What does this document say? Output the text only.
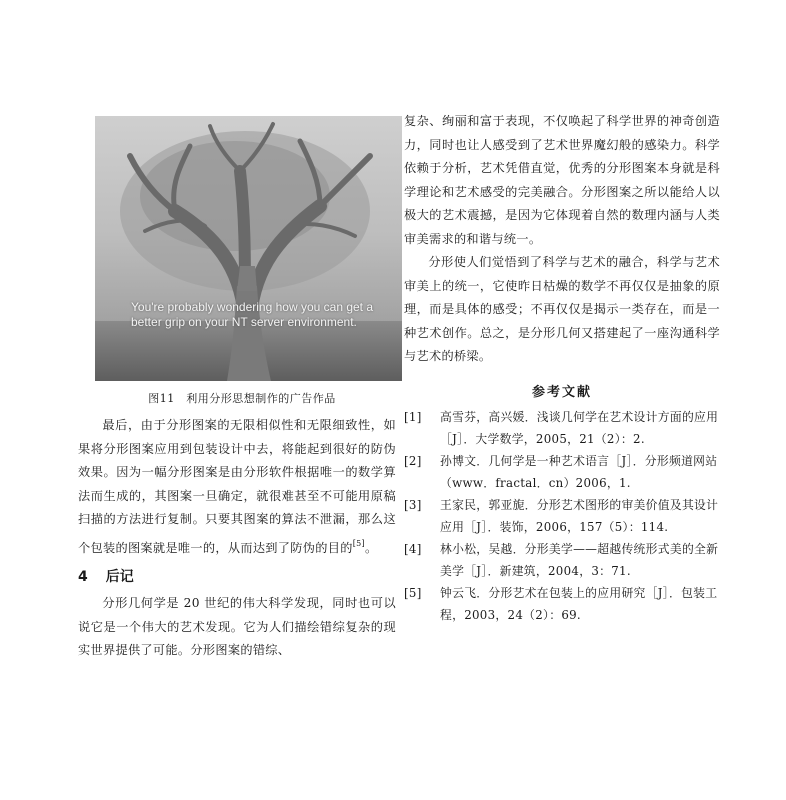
You're probably wondering how you can get a better grip on your NT server environment.
图11　利用分形思想制作的广告作品

最后，由于分形图案的无限相似性和无限细致性，如果将分形图案应用到包装设计中去，将能起到很好的防伪效果。因为一幅分形图案是由分形软件根据唯一的数学算法而生成的，其图案一旦确定，就很难甚至不可能用原稿扫描的方法进行复制。只要其图案的算法不泄漏，那么这个包装的图案就是唯一的，从而达到了防伪的目的[5]。

4 后记

分形几何学是 20 世纪的伟大科学发现，同时也可以说它是一个伟大的艺术发现。它为人们描绘错综复杂的现实世界提供了可能。分形图案的错综、

复杂、绚丽和富于表现，不仅唤起了科学世界的神奇创造力，同时也让人感受到了艺术世界魔幻般的感染力。科学依赖于分析，艺术凭借直觉，优秀的分形图案本身就是科学理论和艺术感受的完美融合。分形图案之所以能给人以极大的艺术震撼，是因为它体现着自然的数理内涵与人类审美需求的和谐与统一。

分形使人们觉悟到了科学与艺术的融合，科学与艺术审美上的统一，它使昨日枯燥的数学不再仅仅是抽象的原理，而是具体的感受；不再仅仅是揭示一类存在，而是一种艺术创作。总之，是分形几何又搭建起了一座沟通科学与艺术的桥梁。

参考文献
[1]	高雪芬，高兴媛．浅谈几何学在艺术设计方面的应用［J］．大学数学，2005，21（2）：2.
[2]	孙博文．几何学是一种艺术语言［J］．分形频道网站（www．fractal．cn）2006，1.
[3]	王家民，郭亚旎．分形艺术图形的审美价值及其设计应用［J］．装饰，2006，157（5）：114.
[4]	林小松，吴越．分形美学——超越传统形式美的全新美学［J］．新建筑，2004，3：71.
[5]	钟云飞．分形艺术在包装上的应用研究［J］．包装工程，2003，24（2）：69.
